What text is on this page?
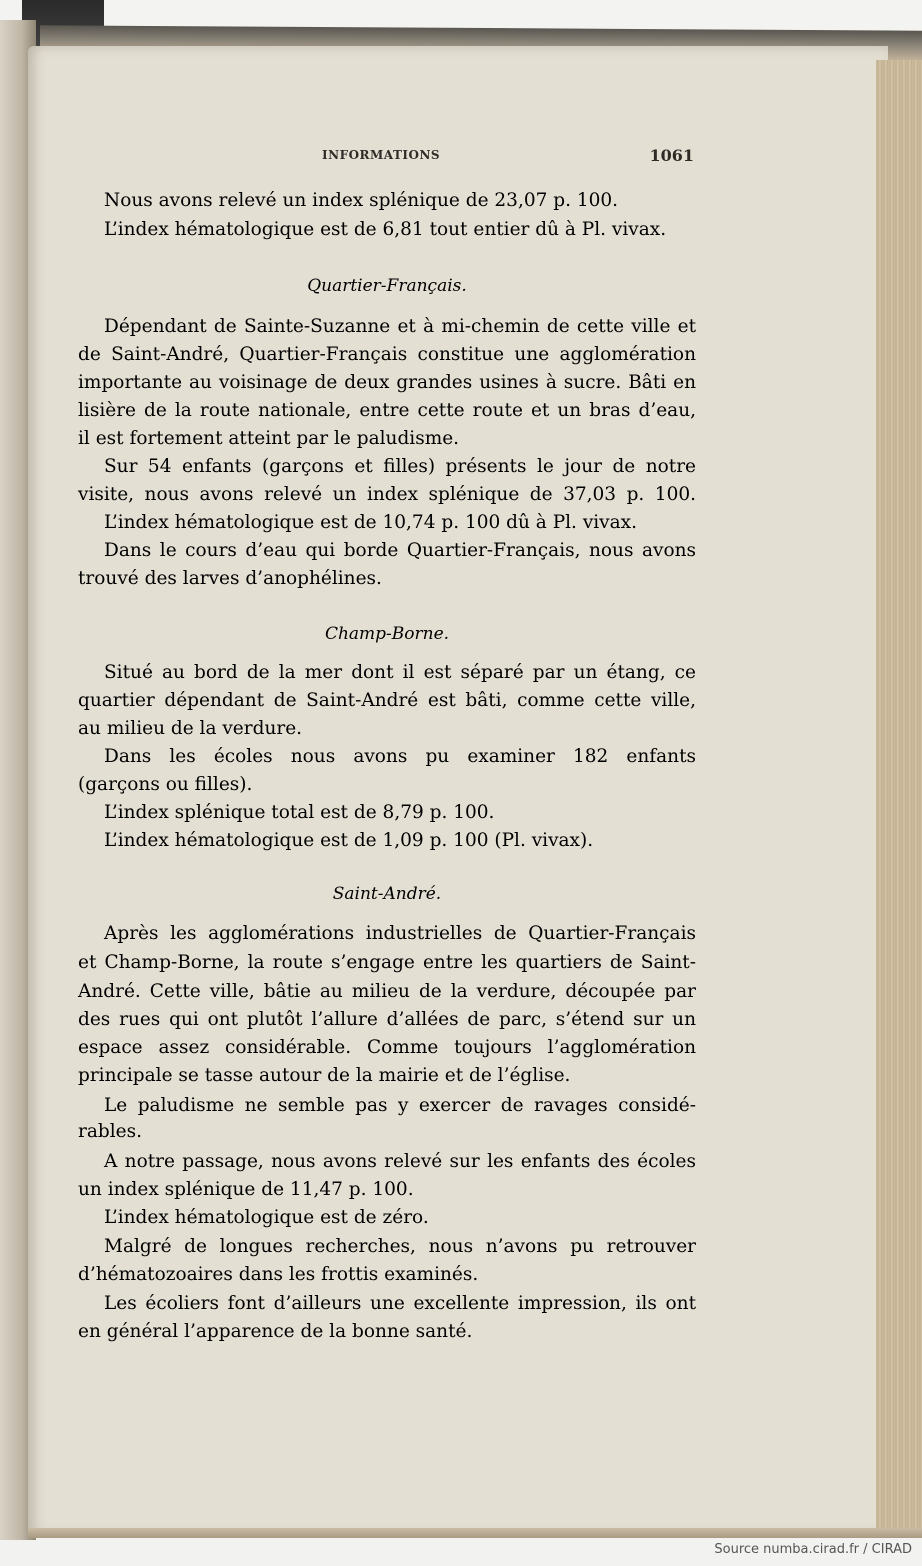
INFORMATIONS	1061
Nous avons relevé un index splénique de 23,07 p. 100.
L’index hématologique est de 6,81 tout entier dû à Pl. vivax.
Quartier-Français.
Dépendant de Sainte-Suzanne et à mi-chemin de cette ville et
de Saint-André, Quartier-Français constitue une agglomération
importante au voisinage de deux grandes usines à sucre. Bâti en
lisière de la route nationale, entre cette route et un bras d’eau,
il est fortement atteint par le paludisme.
Sur 54 enfants (garçons et filles) présents le jour de notre
visite, nous avons relevé un index splénique de 37,03 p. 100.
L’index hématologique est de 10,74 p. 100 dû à Pl. vivax.
Dans le cours d’eau qui borde Quartier-Français, nous avons
trouvé des larves d’anophélines.
Champ-Borne.
Situé au bord de la mer dont il est séparé par un étang, ce
quartier dépendant de Saint-André est bâti, comme cette ville,
au milieu de la verdure.
Dans les écoles nous avons pu examiner 182 enfants
(garçons ou filles).
L’index splénique total est de 8,79 p. 100.
L’index hématologique est de 1,09 p. 100 (Pl. vivax).
Saint-André.
Après les agglomérations industrielles de Quartier-Français
et Champ-Borne, la route s’engage entre les quartiers de Saint-
André. Cette ville, bâtie au milieu de la verdure, découpée par
des rues qui ont plutôt l’allure d’allées de parc, s’étend sur un
espace assez considérable. Comme toujours l’agglomération
principale se tasse autour de la mairie et de l’église.
Le paludisme ne semble pas y exercer de ravages considé-
rables.
A notre passage, nous avons relevé sur les enfants des écoles
un index splénique de 11,47 p. 100.
L’index hématologique est de zéro.
Malgré de longues recherches, nous n’avons pu retrouver
d’hématozoaires dans les frottis examinés.
Les écoliers font d’ailleurs une excellente impression, ils ont
en général l’apparence de la bonne santé.
Source numba.cirad.fr / CIRAD
